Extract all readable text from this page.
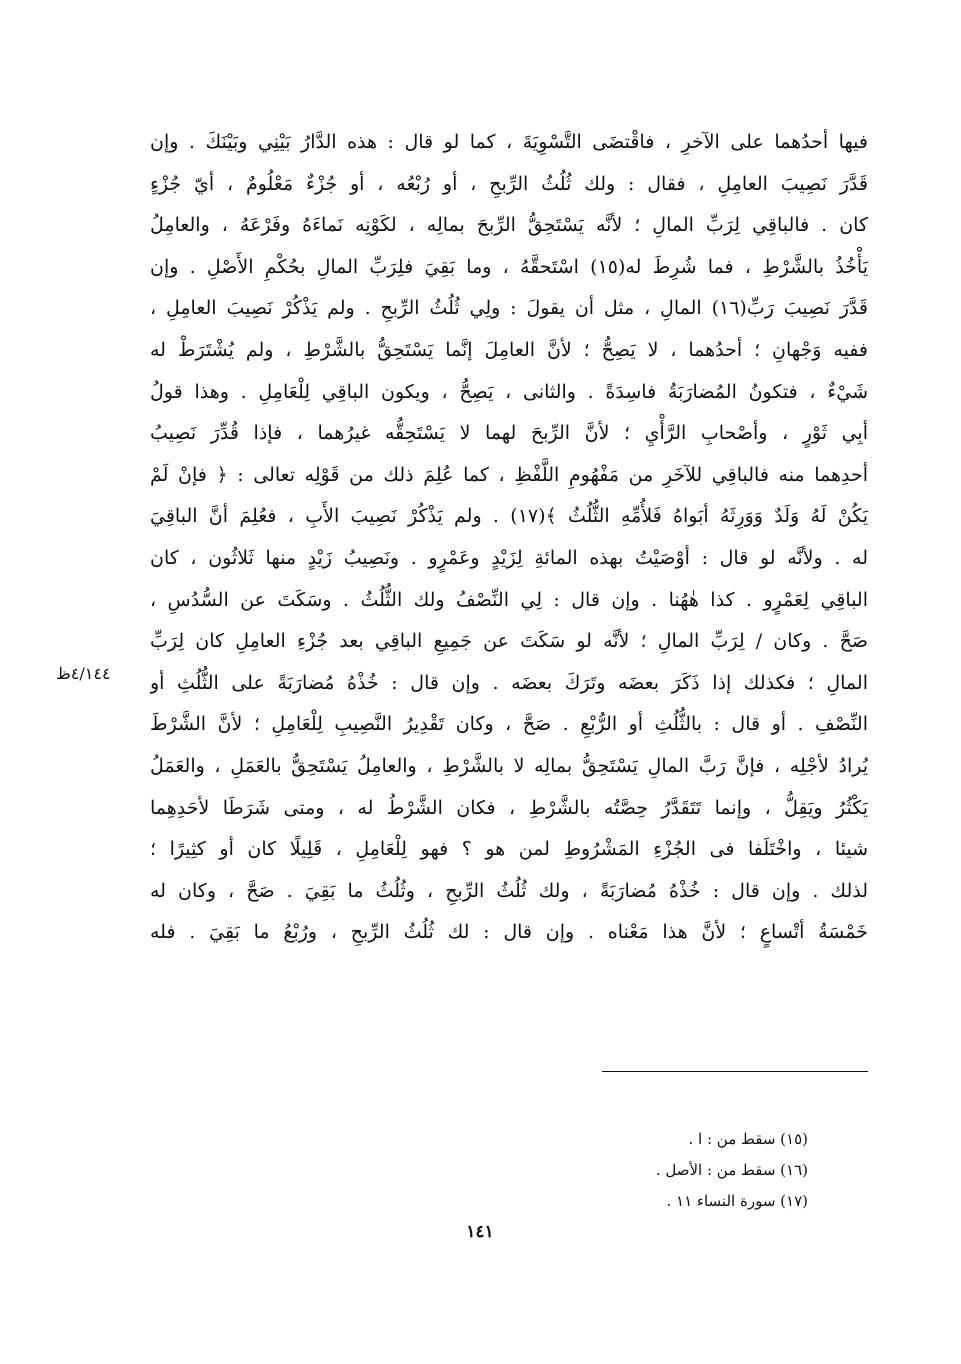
فيها أحدُهما على الآخرِ ، فاقْتضَى التَّسْوِيَةَ ، كما لو قال : هذه الدَّارُ بَيْنِي وبَيْنَكَ . وإن
قَدَّرَ نَصِيبَ العامِلِ ، فقال : ولك ثُلُثُ الرِّبحِ ، أو رُبْعُه ، أو جُزْءٌ مَعْلُومٌ ، أيّ جُزْءٍ
كان . فالباقِي لِرَبِّ المالِ ؛ لأنَّه يَسْتَحِقُّ الرِّبحَ بمالِه ، لكَوْنِه نَماءَهُ وفَرْعَهُ ، والعامِلُ
يَأْخُذُ بالشَّرْطِ ، فما شُرِطَ له(١٥) اسْتَحقَّهُ ، وما بَقِيَ فلِرَبِّ المالِ بحُكْمِ الأَصْلِ . وإن
قَدَّرَ نَصِيبَ رَبِّ(١٦) المالِ ، مثل أن يقولَ : ولِي ثُلُثُ الرِّبحِ . ولم يَذْكُرْ نَصِيبَ العامِلِ ،
ففيه وَجْهانِ ؛ أحدُهما ، لا يَصِحُّ ؛ لأنَّ العامِلَ إنَّما يَسْتَحِقُّ بالشَّرْطِ ، ولم يُشْتَرَطْ له
شَيْءٌ ، فتكونُ المُضارَبَةُ فاسِدَةً . والثانى ، يَصِحُّ ، ويكون الباقِي لِلْعَامِلِ . وهذا قولُ
أبِي ثَوْرٍ ، وأصْحابِ الرَّأْيِ ؛ لأنَّ الرِّبحَ لهما لا يَسْتَحِقُّه غيرُهما ، فإذا قُدِّرَ نَصِيبُ
أحدِهما منه فالباقِي للآخَرِ من مَفْهُومِ اللَّفْظِ ، كما عُلِمَ ذلك من قَوْلِه تعالى : ﴿ فإنْ لَمْ
يَكُنْ لَهُ وَلَدٌ وَوَرِثَهُ أبَواهُ فَلأُمِّهِ الثُّلُثُ ﴾(١٧) . ولم يَذْكُرْ نَصِيبَ الأَبِ ، فعُلِمَ أنَّ الباقِيَ
له . ولأنَّه لو قال : أوْصَيْتُ بهذه المائةِ لِزَيْدٍ وعَمْرٍو . ونَصِيبُ زَيْدٍ منها ثَلاثُون ، كان
الباقِي لِعَمْرٍو . كذا هٰهُنا . وإن قال : لِي النِّصْفُ ولك الثُّلُثُ . وسَكَتَ عن السُّدُسِ ،
صَحَّ . وكان / لِرَبِّ المالِ ؛ لأنَّه لو سَكَتَ عن جَمِيعِ الباقِي بعد جُزْءِ العامِلِ كان لِرَبِّ
المالِ ؛ فكذلك إذا ذَكَرَ بعضَه وتَرَكَ بعضَه . وإن قال : خُذْهُ مُضارَبَةً على الثُّلُثِ أو
النِّصْفِ . أو قال : بالثُّلُثِ أو الرُّبْعِ . صَحَّ ، وكان تَقْدِيرُ النَّصِيبِ لِلْعَامِلِ ؛ لأنَّ الشَّرْطَ
يُرادُ لأجْلِه ، فإنَّ رَبَّ المالِ يَسْتَحِقُّ بمالِه لا بالشَّرْطِ ، والعامِلُ يَسْتَحِقُّ بالعَمَلِ ، والعَمَلُ
يَكْثُرُ ويَقِلُّ ، وإنما تَتَقَدَّرُ حِصَّتُه بالشَّرْطِ ، فكان الشَّرْطُ له ، ومتى شَرَطَا لأحَدِهِما
شيئا ، واخْتَلَفا فى الجُزْءِ المَشْرُوطِ لمن هو ؟ فهو لِلْعَامِلِ ، قَلِيلًا كان أو كثِيرًا ؛
لذلك . وإن قال : خُذْهُ مُضارَبَةً ، ولك ثُلُثُ الرِّبحِ ، وثُلُثُ ما بَقِيَ . صَحَّ ، وكان له
خَمْسَةُ أتْساعٍ ؛ لأنَّ هذا مَعْناه . وإن قال : لك ثُلُثُ الرِّبحِ ، ورُبْعُ ما بَقِيَ . فله
٤/١٤٤ظ
(١٥) سقط من : ا .
(١٦) سقط من : الأصل .
(١٧) سورة النساء ١١ .
١٤١
